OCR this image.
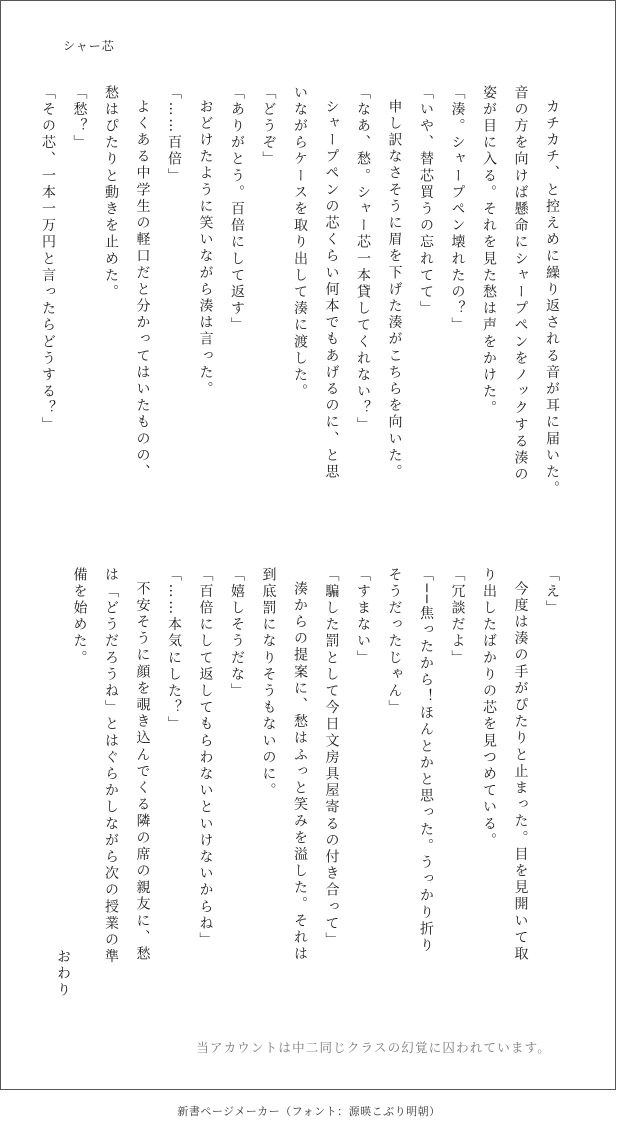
シャー芯

カチカチ、と控えめに繰り返される音が耳に届いた。

音の方を向けば懸命にシャープペンをノックする湊の

姿が目に入る。それを見た愁は声をかけた。

「湊。シャープペン壊れたの？」

「いや、替芯買うの忘れてて」

申し訳なさそうに眉を下げた湊がこちらを向いた。

「なあ、愁。シャー芯一本貸してくれない？」

シャープペンの芯くらい何本でもあげるのに、と思

いながらケースを取り出して湊に渡した。

「どうぞ」

「ありがとう。百倍にして返す」

おどけたように笑いながら湊は言った。

「……百倍」

よくある中学生の軽口だと分かってはいたものの、

愁はぴたりと動きを止めた。

「愁？」

「その芯、一本一万円と言ったらどうする？」

「え」

今度は湊の手がぴたりと止まった。目を見開いて取

り出したばかりの芯を見つめている。

「冗談だよ」

「──焦ったから！ほんとかと思った。うっかり折り

そうだったじゃん」

「すまない」

「騙した罰として今日文房具屋寄るの付き合って」

湊からの提案に、愁はふっと笑みを溢した。それは

到底罰になりそうもないのに。

「嬉しそうだな」

「百倍にして返してもらわないといけないからね」

「……本気にした？」

不安そうに顔を覗き込んでくる隣の席の親友に、愁

は「どうだろうね」とはぐらかしながら次の授業の準

備を始めた。

おわり
当アカウントは中二同じクラスの幻覚に囚われています。
新書ページメーカー（フォント：源暎こぶり明朝）
